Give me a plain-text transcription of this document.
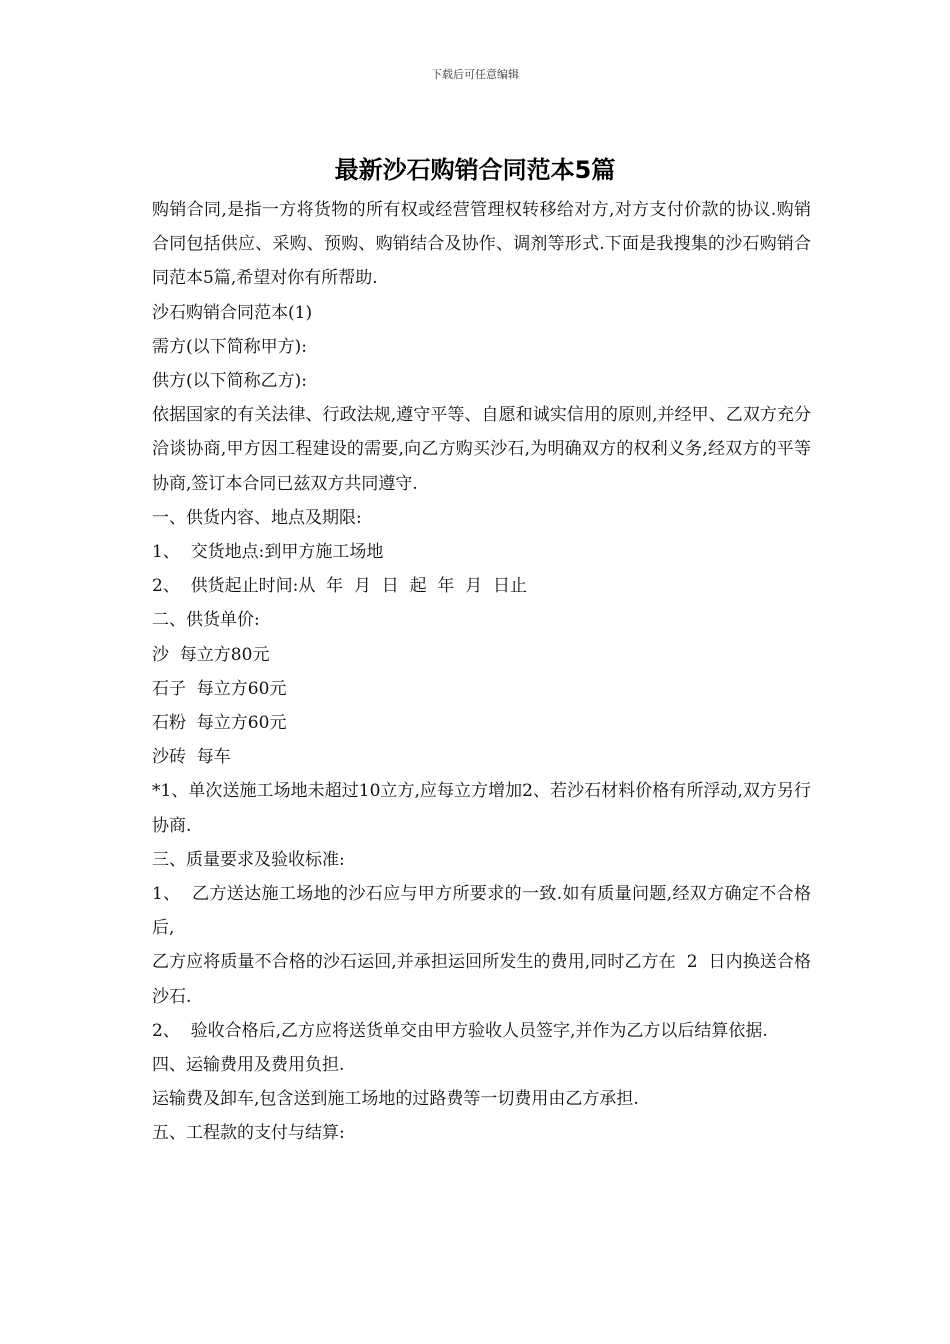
下载后可任意编辑
最新沙石购销合同范本5篇

购销合同,是指一方将货物的所有权或经营管理权转移给对方,对方支付价款的协议.购销合同包括供应、采购、预购、购销结合及协作、调剂等形式.下面是我搜集的沙石购销合同范本5篇,希望对你有所帮助.

沙石购销合同范本(1)

需方(以下简称甲方):

供方(以下简称乙方):

依据国家的有关法律、行政法规,遵守平等、自愿和诚实信用的原则,并经甲、乙双方充分洽谈协商,甲方因工程建设的需要,向乙方购买沙石,为明确双方的权利义务,经双方的平等协商,签订本合同已兹双方共同遵守.

一、供货内容、地点及期限:

1、  交货地点:到甲方施工场地

2、  供货起止时间:从  年  月  日  起  年  月  日止

二、供货单价:

沙  每立方80元

石子  每立方60元

石粉  每立方60元

沙砖  每车

*1、单次送施工场地未超过10立方,应每立方增加2、若沙石材料价格有所浮动,双方另行协商.

三、质量要求及验收标准:

1、  乙方送达施工场地的沙石应与甲方所要求的一致.如有质量问题,经双方确定不合格后,

乙方应将质量不合格的沙石运回,并承担运回所发生的费用,同时乙方在  2  日内换送合格沙石.

2、  验收合格后,乙方应将送货单交由甲方验收人员签字,并作为乙方以后结算依据.

四、运输费用及费用负担.

运输费及卸车,包含送到施工场地的过路费等一切费用由乙方承担.

五、工程款的支付与结算:
